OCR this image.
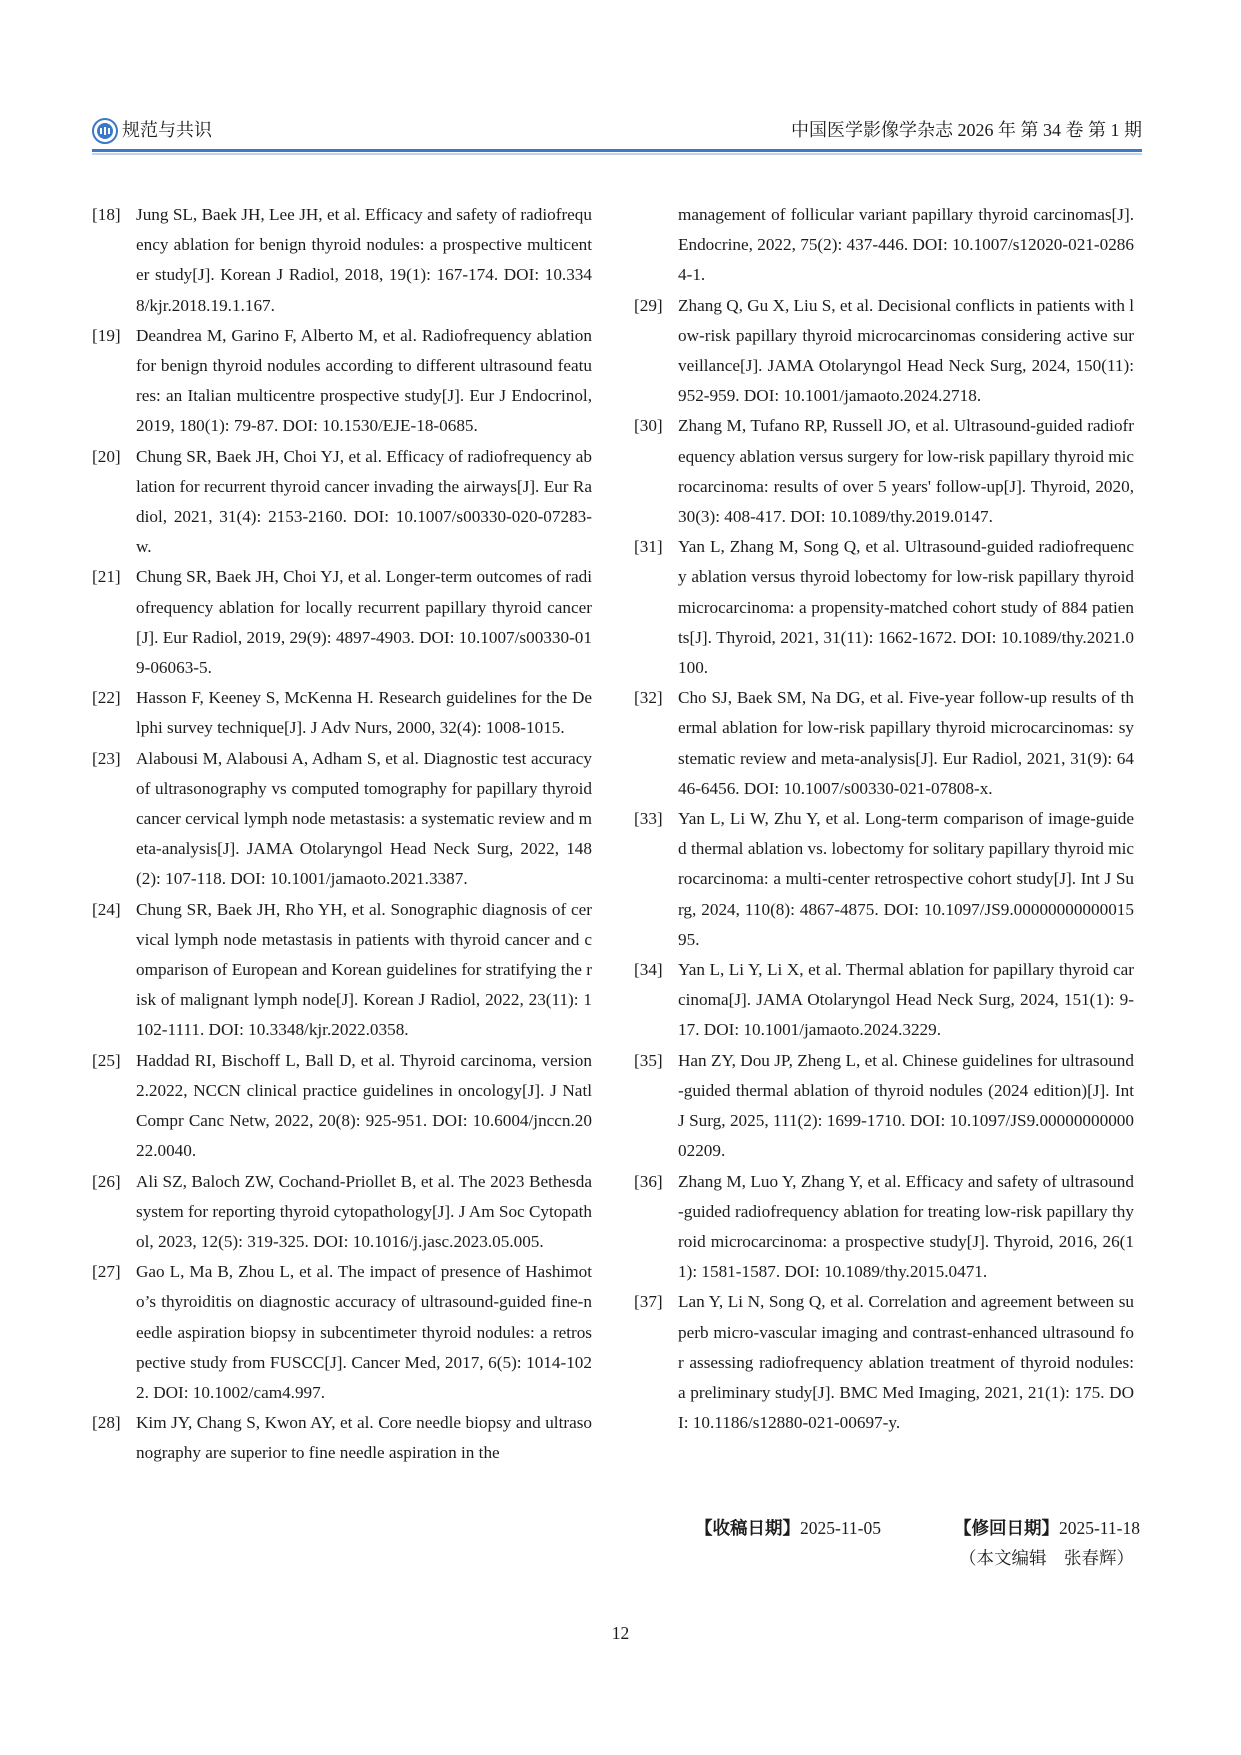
规范与共识	中国医学影像学杂志 2026 年 第 34 卷 第 1 期

[18] Jung SL, Baek JH, Lee JH, et al. Efficacy and safety of radiofrequency ablation for benign thyroid nodules: a prospective multicenter study[J]. Korean J Radiol, 2018, 19(1): 167-174. DOI: 10.3348/kjr.2018.19.1.167.

[19] Deandrea M, Garino F, Alberto M, et al. Radiofrequency ablation for benign thyroid nodules according to different ultrasound features: an Italian multicentre prospective study[J]. Eur J Endocrinol, 2019, 180(1): 79-87. DOI: 10.1530/EJE-18-0685.

[20] Chung SR, Baek JH, Choi YJ, et al. Efficacy of radiofrequency ablation for recurrent thyroid cancer invading the airways[J]. Eur Radiol, 2021, 31(4): 2153-2160. DOI: 10.1007/s00330-020-07283-w.

[21] Chung SR, Baek JH, Choi YJ, et al. Longer-term outcomes of radiofrequency ablation for locally recurrent papillary thyroid cancer[J]. Eur Radiol, 2019, 29(9): 4897-4903. DOI: 10.1007/s00330-019-06063-5.

[22] Hasson F, Keeney S, McKenna H. Research guidelines for the Delphi survey technique[J]. J Adv Nurs, 2000, 32(4): 1008-1015.

[23] Alabousi M, Alabousi A, Adham S, et al. Diagnostic test accuracy of ultrasonography vs computed tomography for papillary thyroid cancer cervical lymph node metastasis: a systematic review and meta-analysis[J]. JAMA Otolaryngol Head Neck Surg, 2022, 148(2): 107-118. DOI: 10.1001/jamaoto.2021.3387.

[24] Chung SR, Baek JH, Rho YH, et al. Sonographic diagnosis of cervical lymph node metastasis in patients with thyroid cancer and comparison of European and Korean guidelines for stratifying the risk of malignant lymph node[J]. Korean J Radiol, 2022, 23(11): 1102-1111. DOI: 10.3348/kjr.2022.0358.

[25] Haddad RI, Bischoff L, Ball D, et al. Thyroid carcinoma, version 2.2022, NCCN clinical practice guidelines in oncology[J]. J Natl Compr Canc Netw, 2022, 20(8): 925-951. DOI: 10.6004/jnccn.2022.0040.

[26] Ali SZ, Baloch ZW, Cochand-Priollet B, et al. The 2023 Bethesda system for reporting thyroid cytopathology[J]. J Am Soc Cytopathol, 2023, 12(5): 319-325. DOI: 10.1016/j.jasc.2023.05.005.

[27] Gao L, Ma B, Zhou L, et al. The impact of presence of Hashimoto’s thyroiditis on diagnostic accuracy of ultrasound-guided fine-needle aspiration biopsy in subcentimeter thyroid nodules: a retrospective study from FUSCC[J]. Cancer Med, 2017, 6(5): 1014-1022. DOI: 10.1002/cam4.997.

[28] Kim JY, Chang S, Kwon AY, et al. Core needle biopsy and ultrasonography are superior to fine needle aspiration in the

management of follicular variant papillary thyroid carcinomas[J]. Endocrine, 2022, 75(2): 437-446. DOI: 10.1007/s12020-021-02864-1.

[29] Zhang Q, Gu X, Liu S, et al. Decisional conflicts in patients with low-risk papillary thyroid microcarcinomas considering active surveillance[J]. JAMA Otolaryngol Head Neck Surg, 2024, 150(11): 952-959. DOI: 10.1001/jamaoto.2024.2718.

[30] Zhang M, Tufano RP, Russell JO, et al. Ultrasound-guided radiofrequency ablation versus surgery for low-risk papillary thyroid microcarcinoma: results of over 5 years' follow-up[J]. Thyroid, 2020, 30(3): 408-417. DOI: 10.1089/thy.2019.0147.

[31] Yan L, Zhang M, Song Q, et al. Ultrasound-guided radiofrequency ablation versus thyroid lobectomy for low-risk papillary thyroid microcarcinoma: a propensity-matched cohort study of 884 patients[J]. Thyroid, 2021, 31(11): 1662-1672. DOI: 10.1089/thy.2021.0100.

[32] Cho SJ, Baek SM, Na DG, et al. Five-year follow-up results of thermal ablation for low-risk papillary thyroid microcarcinomas: systematic review and meta-analysis[J]. Eur Radiol, 2021, 31(9): 6446-6456. DOI: 10.1007/s00330-021-07808-x.

[33] Yan L, Li W, Zhu Y, et al. Long-term comparison of image-guided thermal ablation vs. lobectomy for solitary papillary thyroid microcarcinoma: a multi-center retrospective cohort study[J]. Int J Surg, 2024, 110(8): 4867-4875. DOI: 10.1097/JS9.0000000000001595.

[34] Yan L, Li Y, Li X, et al. Thermal ablation for papillary thyroid carcinoma[J]. JAMA Otolaryngol Head Neck Surg, 2024, 151(1): 9-17. DOI: 10.1001/jamaoto.2024.3229.

[35] Han ZY, Dou JP, Zheng L, et al. Chinese guidelines for ultrasound-guided thermal ablation of thyroid nodules (2024 edition)[J]. Int J Surg, 2025, 111(2): 1699-1710. DOI: 10.1097/JS9.0000000000002209.

[36] Zhang M, Luo Y, Zhang Y, et al. Efficacy and safety of ultrasound-guided radiofrequency ablation for treating low-risk papillary thyroid microcarcinoma: a prospective study[J]. Thyroid, 2016, 26(11): 1581-1587. DOI: 10.1089/thy.2015.0471.

[37] Lan Y, Li N, Song Q, et al. Correlation and agreement between superb micro-vascular imaging and contrast-enhanced ultrasound for assessing radiofrequency ablation treatment of thyroid nodules: a preliminary study[J]. BMC Med Imaging, 2021, 21(1): 175. DOI: 10.1186/s12880-021-00697-y.

【收稿日期】2025-11-05	【修回日期】2025-11-18
（本文编辑　张春辉）
12
